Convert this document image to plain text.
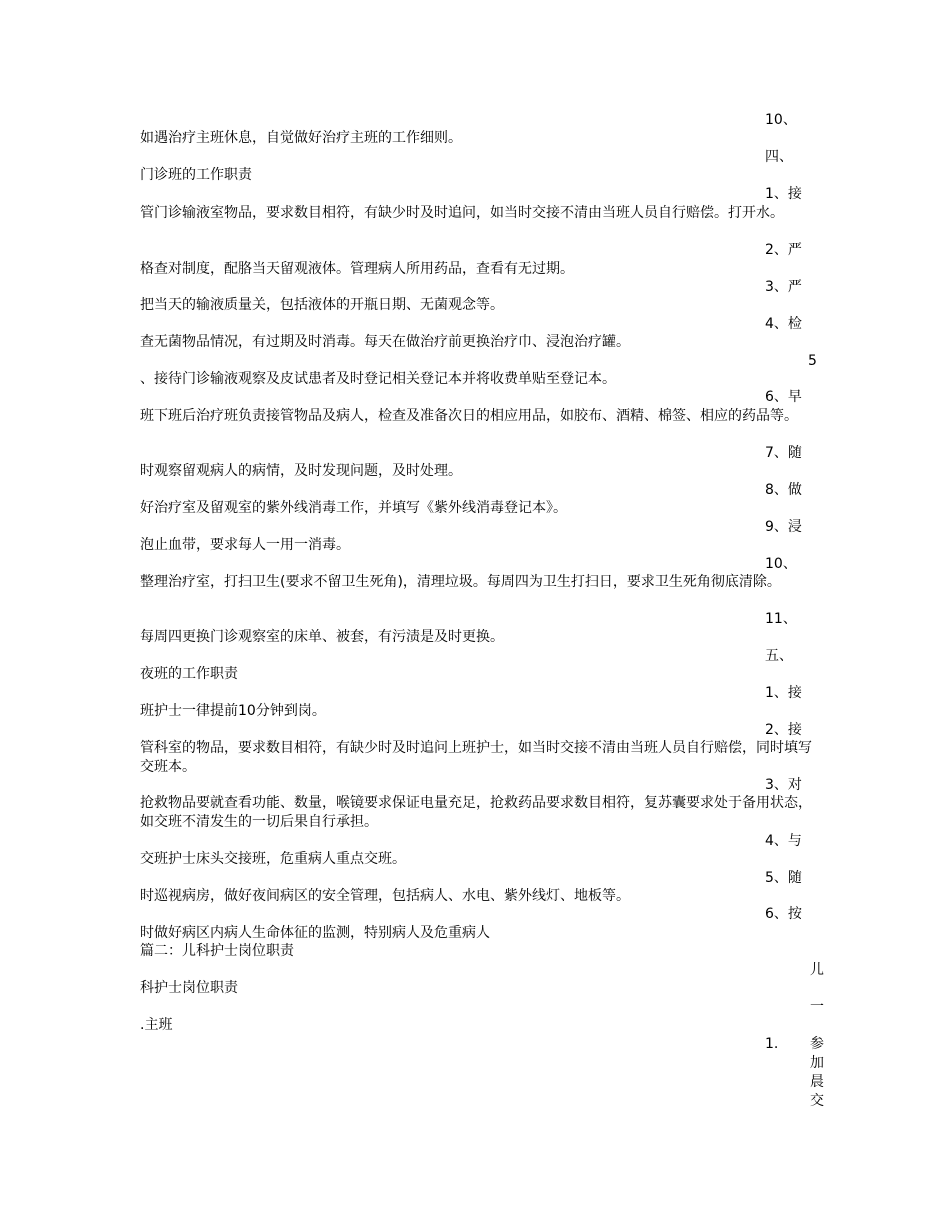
10、
如遇治疗主班休息，自觉做好治疗主班的工作细则。
四、
门诊班的工作职责
1、接
管门诊输液室物品，要求数目相符，有缺少时及时追问，如当时交接不清由当班人员自行赔偿。打开水。
2、严
格查对制度，配胳当天留观液体。管理病人所用药品，查看有无过期。
3、严
把当天的输液质量关，包括液体的开瓶日期、无菌观念等。
4、检
查无菌物品情况，有过期及时消毒。每天在做治疗前更换治疗巾、浸泡治疗罐。
5
、接待门诊输液观察及皮试患者及时登记相关登记本并将收费单贴至登记本。
6、早
班下班后治疗班负责接管物品及病人，检查及准备次日的相应用品，如胶布、酒精、棉签、相应的药品等。
7、随
时观察留观病人的病情，及时发现问题，及时处理。
8、做
好治疗室及留观室的紫外线消毒工作，并填写《紫外线消毒登记本》。
9、浸
泡止血带，要求每人一用一消毒。
10、
整理治疗室，打扫卫生(要求不留卫生死角)，清理垃圾。每周四为卫生打扫日，要求卫生死角彻底清除。
11、
每周四更换门诊观察室的床单、被套，有污渍是及时更换。
五、
夜班的工作职责
1、接
班护士一律提前10分钟到岗。
2、接
管科室的物品，要求数目相符，有缺少时及时追问上班护士，如当时交接不清由当班人员自行赔偿，同时填写交班本。
3、对
抢救物品要就查看功能、数量，喉镜要求保证电量充足，抢救药品要求数目相符，复苏囊要求处于备用状态，如交班不清发生的一切后果自行承担。
4、与
交班护士床头交接班，危重病人重点交班。
5、随
时巡视病房，做好夜间病区的安全管理，包括病人、水电、紫外线灯、地板等。
6、按
时做好病区内病人生命体征的监测，特别病人及危重病人
篇二：儿科护士岗位职责
儿
科护士岗位职责
一
.主班
1. 参
加
晨
交
